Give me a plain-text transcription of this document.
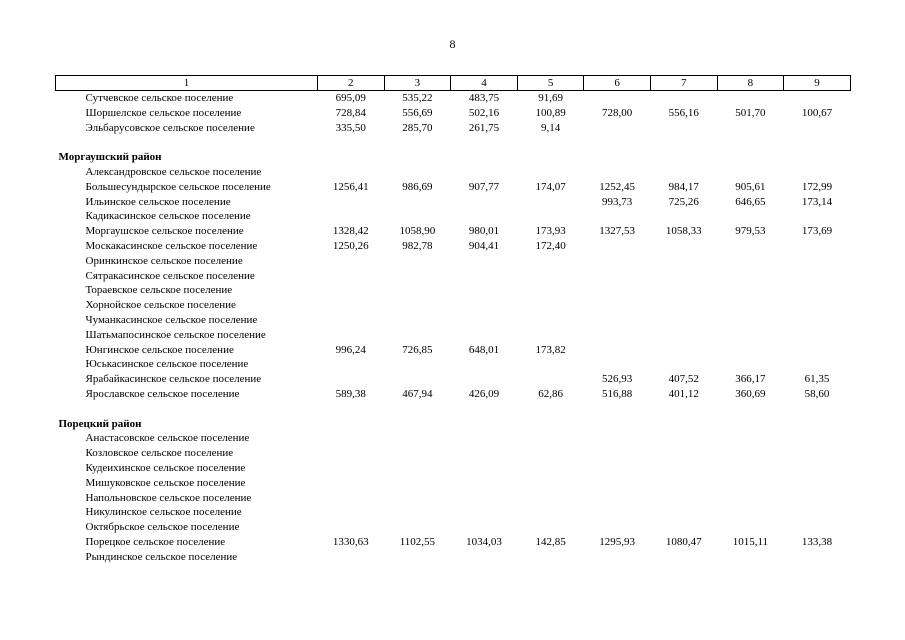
8
1	2	3	4	5	6	7	8	9
Сутчевское сельское поселение	695,09	535,22	483,75	91,69				
Шоршелское сельское поселение	728,84	556,69	502,16	100,89	728,00	556,16	501,70	100,67
Эльбарусовское сельское поселение	335,50	285,70	261,75	9,14				

Моргаушский район								
Александровское сельское поселение								
Большесундырское сельское поселение	1256,41	986,69	907,77	174,07	1252,45	984,17	905,61	172,99
Ильинское сельское поселение					993,73	725,26	646,65	173,14
Кадикасинское сельское поселение								
Моргаушское сельское поселение	1328,42	1058,90	980,01	173,93	1327,53	1058,33	979,53	173,69
Москакасинское сельское поселение	1250,26	982,78	904,41	172,40				
Оринкинское сельское поселение								
Сятракасинское сельское поселение								
Тораевское сельское поселение								
Хорнойское сельское поселение								
Чуманкасинское сельское поселение								
Шатьмапосинское сельское поселение								
Юнгинское сельское поселение	996,24	726,85	648,01	173,82				
Юськасинское сельское поселение								
Ярабайкасинское сельское поселение					526,93	407,52	366,17	61,35
Ярославское сельское поселение	589,38	467,94	426,09	62,86	516,88	401,12	360,69	58,60

Порецкий район								
Анастасовское сельское поселение								
Козловское сельское поселение								
Кудеихинское сельское поселение								
Мишуковское сельское поселение								
Напольновское сельское поселение								
Никулинское сельское поселение								
Октябрьское сельское поселение								
Порецкое сельское поселение	1330,63	1102,55	1034,03	142,85	1295,93	1080,47	1015,11	133,38
Рындинское сельское поселение								
